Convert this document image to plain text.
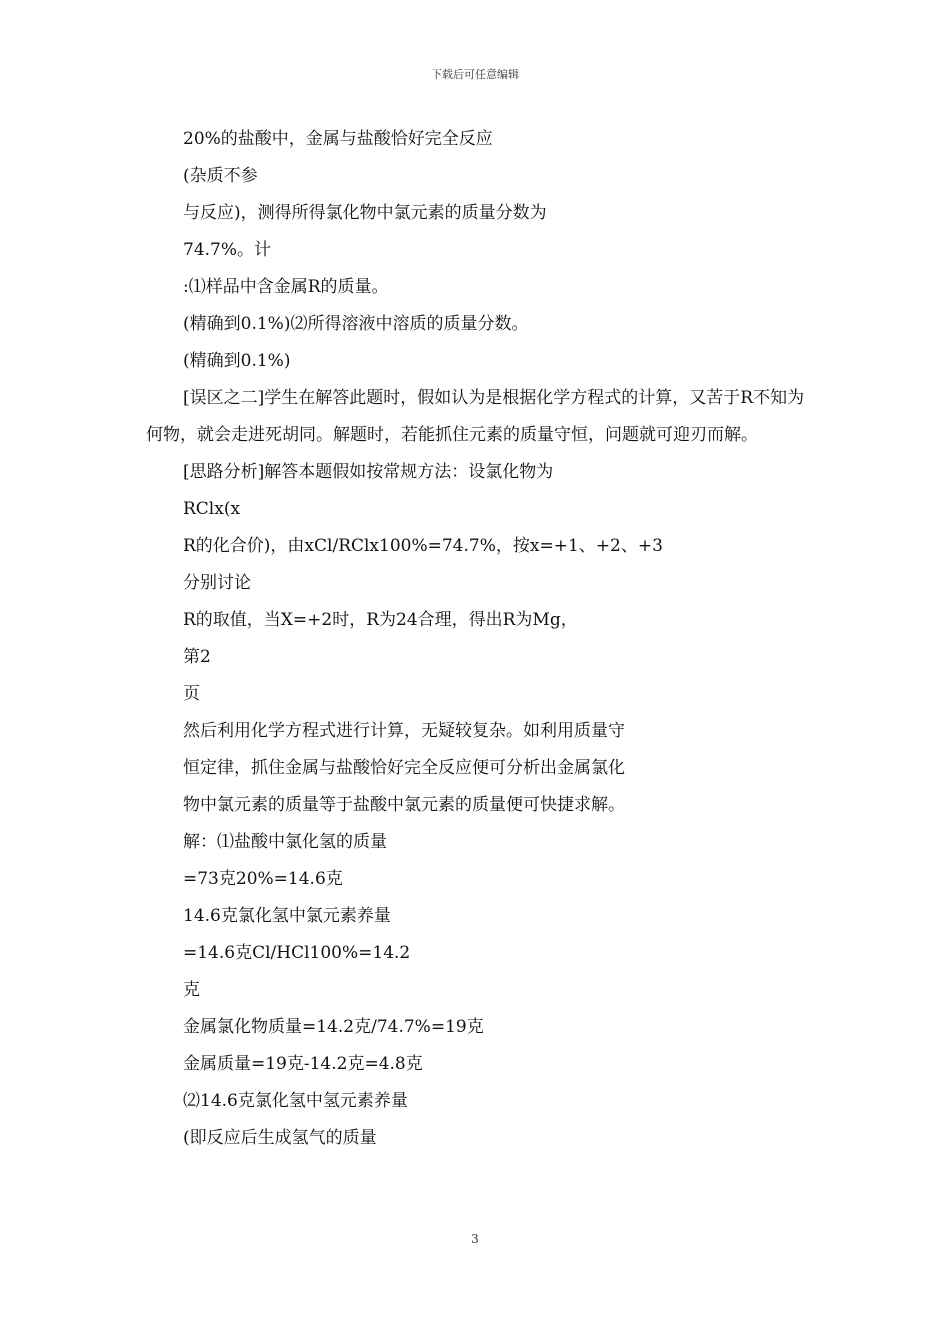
下载后可任意编辑
20%的盐酸中，金属与盐酸恰好完全反应
(杂质不参
与反应)，测得所得氯化物中氯元素的质量分数为
74.7%。计
:⑴样品中含金属R的质量。
(精确到0.1%)⑵所得溶液中溶质的质量分数。
(精确到0.1%)

[误区之二]学生在解答此题时，假如认为是根据化学方程式的计算，又苦于R不知为何物，就会走进死胡同。解题时，若能抓住元素的质量守恒，问题就可迎刃而解。

[思路分析]解答本题假如按常规方法：设氯化物为
RClx(x
R的化合价)，由xCl/RClx100%=74.7%，按x=+1、+2、+3
分别讨论
R的取值，当X=+2时，R为24合理，得出R为Mg，
第2
页
然后利用化学方程式进行计算，无疑较复杂。如利用质量守
恒定律，抓住金属与盐酸恰好完全反应便可分析出金属氯化
物中氯元素的质量等于盐酸中氯元素的质量便可快捷求解。
解：⑴盐酸中氯化氢的质量
=73克20%=14.6克
14.6克氯化氢中氯元素养量
=14.6克Cl/HCl100%=14.2
克
金属氯化物质量=14.2克/74.7%=19克
金属质量=19克-14.2克=4.8克
⑵14.6克氯化氢中氢元素养量
(即反应后生成氢气的质量
3
